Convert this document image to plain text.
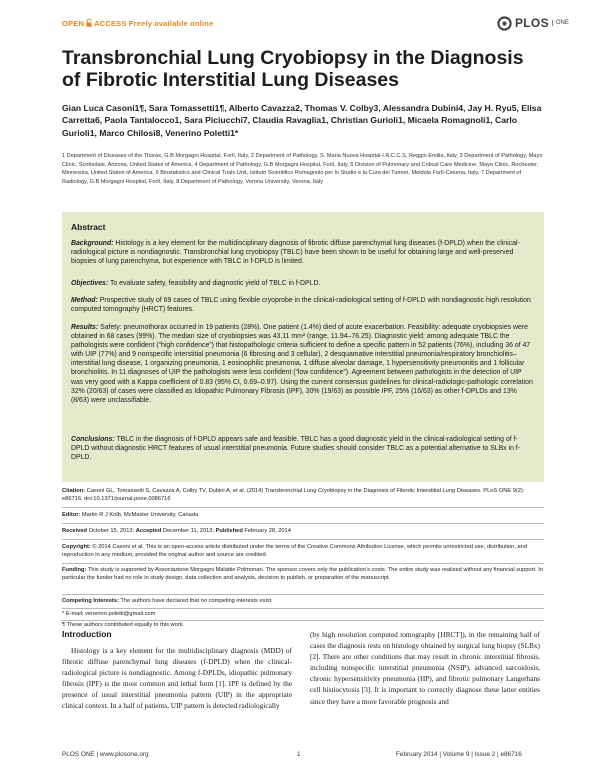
OPEN ACCESS Freely available online	PLOS	ONE
Transbronchial Lung Cryobiopsy in the Diagnosis of Fibrotic Interstitial Lung Diseases
Gian Luca Casoni1¶, Sara Tomassetti1¶, Alberto Cavazza2, Thomas V. Colby3, Alessandra Dubini4, Jay H. Ryu5, Elisa Carretta6, Paola Tantalocco1, Sara Piciucchi7, Claudia Ravaglia1, Christian Gurioli1, Micaela Romagnoli1, Carlo Gurioli1, Marco Chilosi8, Venerino Poletti1*
1 Department of Diseases of the Thorax, G.B Morgagni Hospital, Forlì, Italy, 2 Department of Pathology, S. Maria Nuova Hospital-I.R.C.C.S, Reggio Emilia, Italy, 3 Department of Pathology, Mayo Clinic, Scottsdale, Arizona, United States of America, 4 Department of Pathology, G.B Morgagni Hospital, Forlì, Italy, 5 Division of Pulmonary and Critical Care Medicine, Mayo Clinic, Rochester, Minnesota, United States of America, 6 Biostatistics and Clinical Trials Unit, Istituto Scientifico Romagnolo per lo Studio e la Cura dei Tumori, Meldola Forlì-Cesena, Italy, 7 Department of Radiology, G.B Morgagni Hospital, Forlì, Italy, 8 Department of Pathology, Verona University, Verona, Italy
Abstract
Background: Histology is a key element for the multidisciplinary diagnosis of fibrotic diffuse parenchymal lung diseases (f-DPLD) when the clinical-radiological picture is nondiagnostic. Transbronchial lung cryobiopsy (TBLC) have been shown to be useful for obtaining large and well-preserved biopsies of lung parenchyma, but experience with TBLC in f-DPLD is limited.
Objectives: To evaluate safety, feasibility and diagnostic yield of TBLC in f-DPLD.
Method: Prospective study of 69 cases of TBLC using flexible cryoprobe in the clinical-radiological setting of f-DPLD with nondiagnostic high resolution computed tomography (HRCT) features.
Results: Safety: pneumothorax occurred in 19 patients (28%). One patient (1.4%) died of acute exacerbation. Feasibility: adequate cryobiopsies were obtained in 68 cases (99%). The median size of cryobiopsies was 43.11 mm² (range, 11.94–76.25). Diagnostic yield: among adequate TBLC the pathologists were confident (“high confidence”) that histopathologic criteria sufficient to define a specific pattern in 52 patients (76%), including 36 of 47 with UIP (77%) and 9 nonspecific interstitial pneumonia (6 fibrosing and 3 cellular), 2 desquamative interstitial pneumonia/respiratory bronchiolitis–interstitial lung disease, 1 organizing pneumonia, 1 eosinophilic pneumonia, 1 diffuse alveolar damage, 1 hypersensitivity pneumonitis and 1 follicular bronchiolitis. In 11 diagnoses of UIP the pathologists were less confident (“low confidence”). Agreement between pathologists in the detection of UIP was very good with a Kappa coefficient of 0.83 (95% CI, 0.69–0.97). Using the current consensus guidelines for clinical-radiologic-pathologic correlation 32% (20/63) of cases were classified as Idiopathic Pulmonary Fibrosis (IPF), 30% (19/63) as possible IPF, 25% (16/63) as other f-DPLDs and 13% (8/63) were unclassifiable.
Conclusions: TBLC in the diagnosis of f-DPLD appears safe and feasible. TBLC has a good diagnostic yield in the clinical-radiological setting of f-DPLD without diagnostic HRCT features of usual interstitial pneumonia. Future studies should consider TBLC as a potential alternative to SLBx in f-DPLD.
Citation: Casoni GL, Tomassetti S, Cavazza A, Colby TV, Dubini A, et al. (2014) Transbronchial Lung Cryobiopsy in the Diagnosis of Fibrotic Interstitial Lung Diseases. PLoS ONE 9(2): e86716. doi:10.1371/journal.pone.0086716
Editor: Martin R J Kolb, McMaster University, Canada
Received October 15, 2013; Accepted December 11, 2013; Published February 28, 2014
Copyright: © 2014 Casoni et al. This is an open-access article distributed under the terms of the Creative Commons Attribution License, which permits unrestricted use, distribution, and reproduction in any medium, provided the original author and source are credited.
Funding: This study is supported by Associazione Morgagni Malattie Polmonari. The sponsor covers only the publication’s costs. The entire study was realized without any financial support. In particular the funder had no role in study design, data collection and analysis, decision to publish, or preparation of the manuscript.
Competing Interests: The authors have declared that no competing interests exist.
* E-mail: venerino.poletti@gmail.com
¶ These authors contributed equally to this work.
Introduction
Histology is a key element for the multidisciplinary diagnosis (MDD) of fibrotic diffuse parenchymal lung diseases (f-DPLD) when the clinical-radiological picture is nondiagnostic. Among f-DPLDs, idiopathic pulmonary fibrosis (IPF) is the most common and lethal form [1]. IPF is defined by the presence of usual interstitial pneumonia pattern (UIP) in the appropriate clinical context. In a half of patients, UIP pattern is detected radiologically
(by high resolution computed tomography [HRCT]), in the remaining half of cases the diagnosis rests on histology obtained by surgical lung biopsy (SLBx) [2]. There are other conditions that may result in chronic interstitial fibrosis, including nonspecific interstitial pneumonia (NSIP), advanced sarcoidosis, chronic hypersensitivity pneumonia (HP), and fibrotic pulmonary Langerhans cell histiocytosis [3]. It is important to correctly diagnose these latter entities since they have a more favorable prognosis and
PLOS ONE | www.plosone.org	1	February 2014 | Volume 9 | Issue 2 | e86716
